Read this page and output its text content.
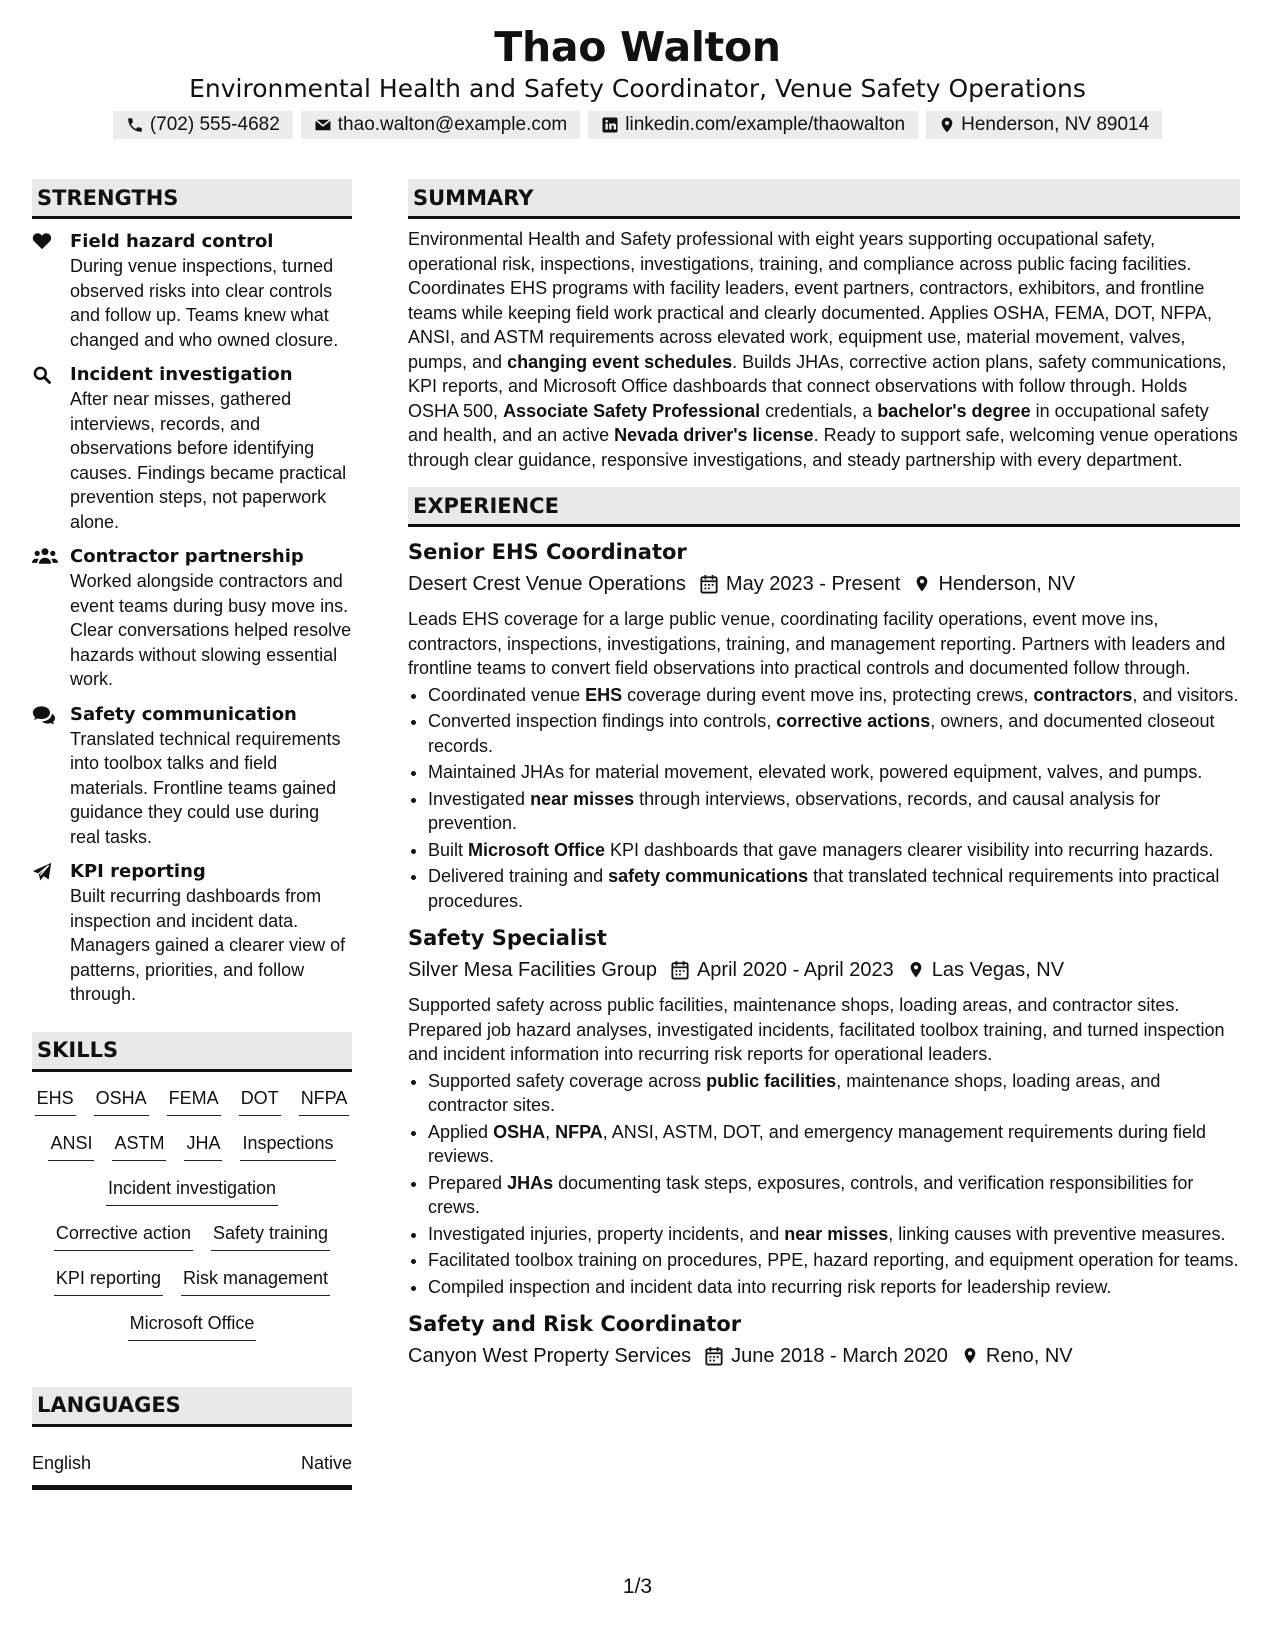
Thao Walton
Environmental Health and Safety Coordinator, Venue Safety Operations
(702) 555-4682	thao.walton@example.com	linkedin.com/example/thaowalton	Henderson, NV 89014
STRENGTHS
Field hazard control
During venue inspections, turned observed risks into clear controls and follow up. Teams knew what changed and who owned closure.
Incident investigation
After near misses, gathered interviews, records, and observations before identifying causes. Findings became practical prevention steps, not paperwork alone.
Contractor partnership
Worked alongside contractors and event teams during busy move ins. Clear conversations helped resolve hazards without slowing essential work.
Safety communication
Translated technical requirements into toolbox talks and field materials. Frontline teams gained guidance they could use during real tasks.
KPI reporting
Built recurring dashboards from inspection and incident data. Managers gained a clearer view of patterns, priorities, and follow through.
SKILLS
EHS OSHA FEMA DOT NFPA
ANSI ASTM JHA Inspections
Incident investigation
Corrective action Safety training
KPI reporting Risk management
Microsoft Office
LANGUAGES
English	Native
SUMMARY

Environmental Health and Safety professional with eight years supporting occupational safety, operational risk, inspections, investigations, training, and compliance across public facing facilities. Coordinates EHS programs with facility leaders, event partners, contractors, exhibitors, and frontline teams while keeping field work practical and clearly documented. Applies OSHA, FEMA, DOT, NFPA, ANSI, and ASTM requirements across elevated work, equipment use, material movement, valves, pumps, and changing event schedules. Builds JHAs, corrective action plans, safety communications, KPI reports, and Microsoft Office dashboards that connect observations with follow through. Holds OSHA 500, Associate Safety Professional credentials, a bachelor's degree in occupational safety and health, and an active Nevada driver's license. Ready to support safe, welcoming venue operations through clear guidance, responsive investigations, and steady partnership with every department.

EXPERIENCE
Senior EHS Coordinator
Desert Crest Venue Operations May 2023 - Present Henderson, NV
Leads EHS coverage for a large public venue, coordinating facility operations, event move ins, contractors, inspections, investigations, training, and management reporting. Partners with leaders and frontline teams to convert field observations into practical controls and documented follow through.
• Coordinated venue EHS coverage during event move ins, protecting crews, contractors, and visitors.
• Converted inspection findings into controls, corrective actions, owners, and documented closeout records.
• Maintained JHAs for material movement, elevated work, powered equipment, valves, and pumps.
• Investigated near misses through interviews, observations, records, and causal analysis for prevention.
• Built Microsoft Office KPI dashboards that gave managers clearer visibility into recurring hazards.
• Delivered training and safety communications that translated technical requirements into practical procedures.
Safety Specialist
Silver Mesa Facilities Group April 2020 - April 2023 Las Vegas, NV
Supported safety across public facilities, maintenance shops, loading areas, and contractor sites. Prepared job hazard analyses, investigated incidents, facilitated toolbox training, and turned inspection and incident information into recurring risk reports for operational leaders.
• Supported safety coverage across public facilities, maintenance shops, loading areas, and contractor sites.
• Applied OSHA, NFPA, ANSI, ASTM, DOT, and emergency management requirements during field reviews.
• Prepared JHAs documenting task steps, exposures, controls, and verification responsibilities for crews.
• Investigated injuries, property incidents, and near misses, linking causes with preventive measures.
• Facilitated toolbox training on procedures, PPE, hazard reporting, and equipment operation for teams.
• Compiled inspection and incident data into recurring risk reports for leadership review.
Safety and Risk Coordinator
Canyon West Property Services June 2018 - March 2020 Reno, NV
1/3
